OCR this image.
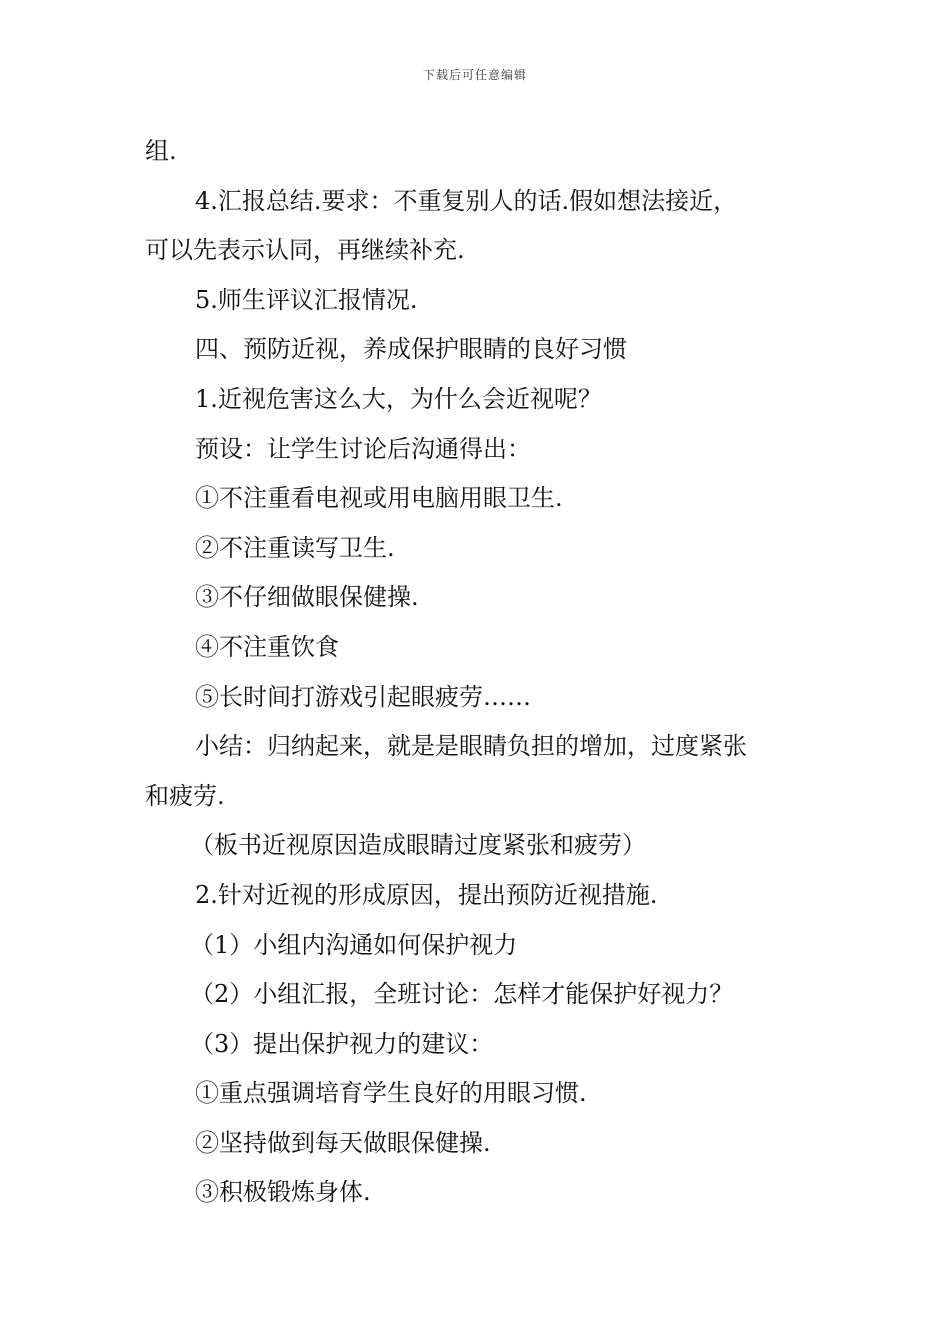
下载后可任意编辑
组.
4.汇报总结.要求：不重复别人的话.假如想法接近，
可以先表示认同，再继续补充.
5.师生评议汇报情况.
四、预防近视，养成保护眼睛的良好习惯
1.近视危害这么大，为什么会近视呢？
预设：让学生讨论后沟通得出：
①不注重看电视或用电脑用眼卫生.
②不注重读写卫生.
③不仔细做眼保健操.
④不注重饮食
⑤长时间打游戏引起眼疲劳……
小结：归纳起来，就是是眼睛负担的增加，过度紧张
和疲劳.
（板书近视原因造成眼睛过度紧张和疲劳）
2.针对近视的形成原因，提出预防近视措施.
（1）小组内沟通如何保护视力
（2）小组汇报，全班讨论：怎样才能保护好视力？
（3）提出保护视力的建议：
①重点强调培育学生良好的用眼习惯.
②坚持做到每天做眼保健操.
③积极锻炼身体.
